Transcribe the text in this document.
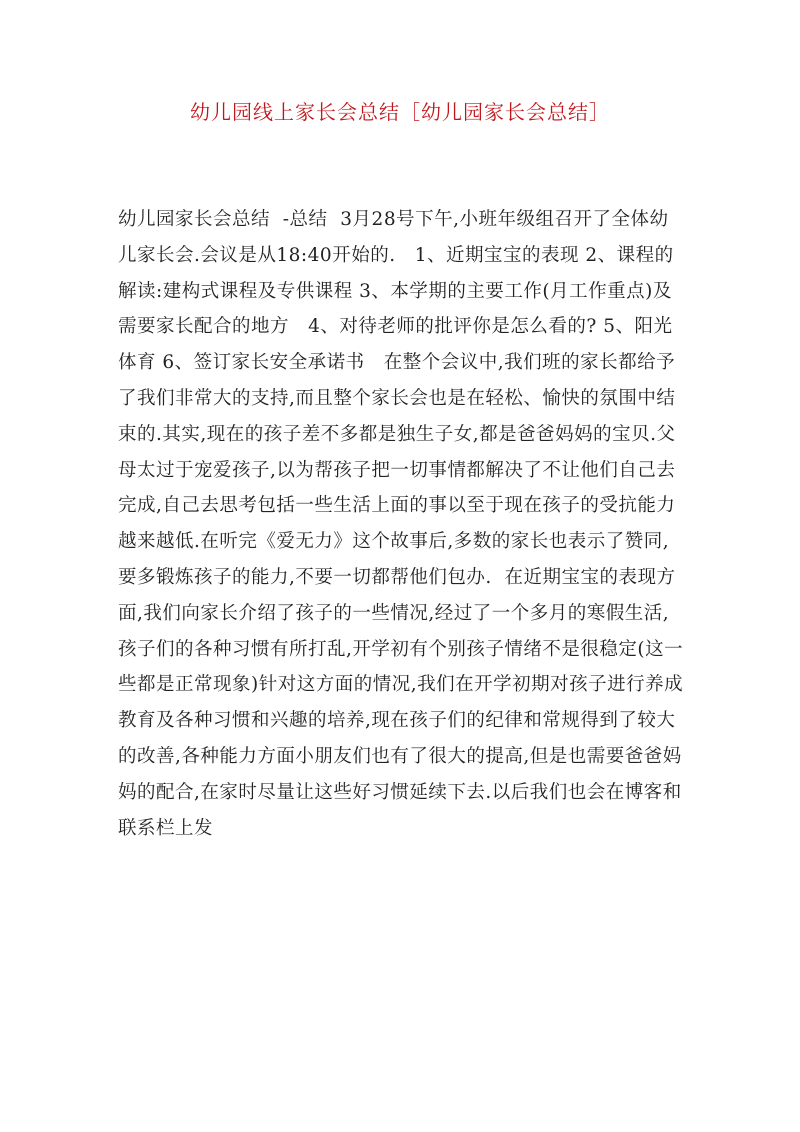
幼儿园线上家长会总结［幼儿园家长会总结］

幼儿园家长会总结  -总结  3月28号下午,小班年级组召开了全体幼儿家长会.会议是从18:40开始的.   1、近期宝宝的表现 2、课程的解读:建构式课程及专供课程 3、本学期的主要工作(月工作重点)及需要家长配合的地方   4、对待老师的批评你是怎么看的? 5、阳光体育 6、签订家长安全承诺书   在整个会议中,我们班的家长都给予了我们非常大的支持,而且整个家长会也是在轻松、愉快的氛围中结束的.其实,现在的孩子差不多都是独生子女,都是爸爸妈妈的宝贝.父母太过于宠爱孩子,以为帮孩子把一切事情都解决了不让他们自己去完成,自己去思考包括一些生活上面的事以至于现在孩子的受抗能力越来越低.在听完《爱无力》这个故事后,多数的家长也表示了赞同,要多锻炼孩子的能力,不要一切都帮他们包办.  在近期宝宝的表现方面,我们向家长介绍了孩子的一些情况,经过了一个多月的寒假生活,孩子们的各种习惯有所打乱,开学初有个别孩子情绪不是很稳定(这一些都是正常现象)针对这方面的情况,我们在开学初期对孩子进行养成教育及各种习惯和兴趣的培养,现在孩子们的纪律和常规得到了较大的改善,各种能力方面小朋友们也有了很大的提高,但是也需要爸爸妈妈的配合,在家时尽量让这些好习惯延续下去.以后我们也会在博客和联系栏上发
